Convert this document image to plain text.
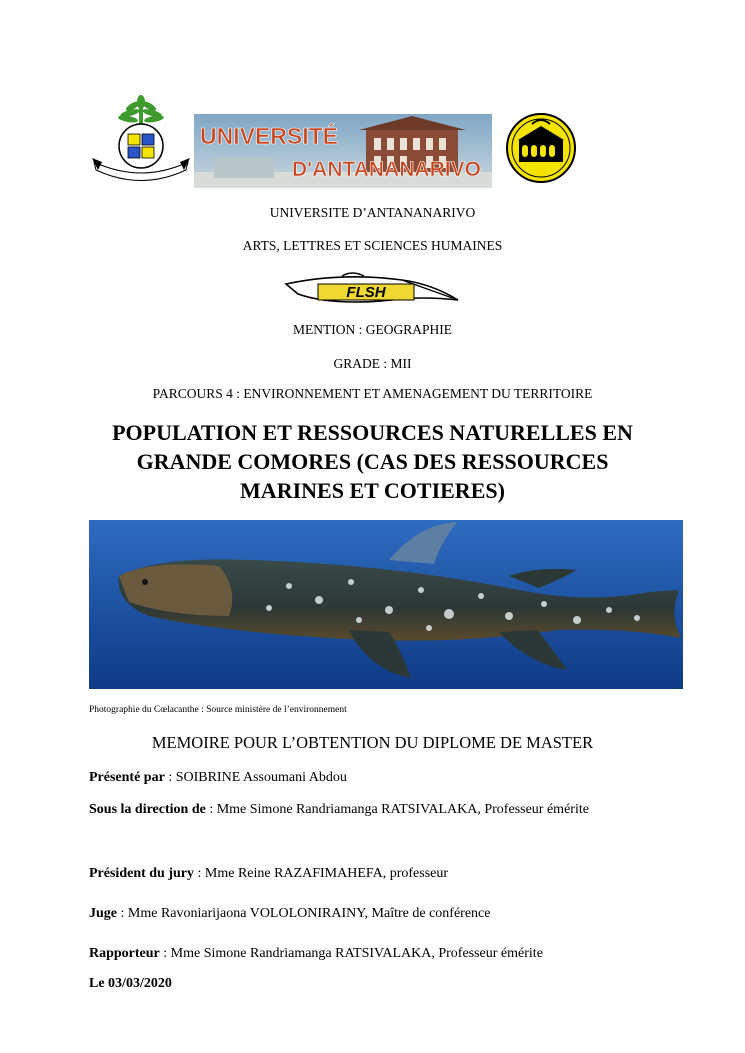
UNIVERSITÉ
D'ANTANANARIVO
UNIVERSITE D’ANTANANARIVO
ARTS, LETTRES ET SCIENCES HUMAINES
FLSH
MENTION : GEOGRAPHIE
GRADE : MII
PARCOURS 4 : ENVIRONNEMENT ET AMENAGEMENT DU TERRITOIRE
POPULATION ET RESSOURCES NATURELLES EN
GRANDE COMORES (CAS DES RESSOURCES
MARINES ET COTIERES)
Photographie du Cœlacanthe : Source ministère de l’environnement
MEMOIRE POUR L’OBTENTION DU DIPLOME DE MASTER
Présenté par : SOIBRINE Assoumani Abdou
Sous la direction de : Mme Simone Randriamanga RATSIVALAKA, Professeur émérite
Président du jury : Mme Reine RAZAFIMAHEFA, professeur
Juge : Mme Ravoniarijaona VOLOLONIRAINY, Maître de conférence
Rapporteur : Mme Simone Randriamanga RATSIVALAKA, Professeur émérite
Le 03/03/2020
